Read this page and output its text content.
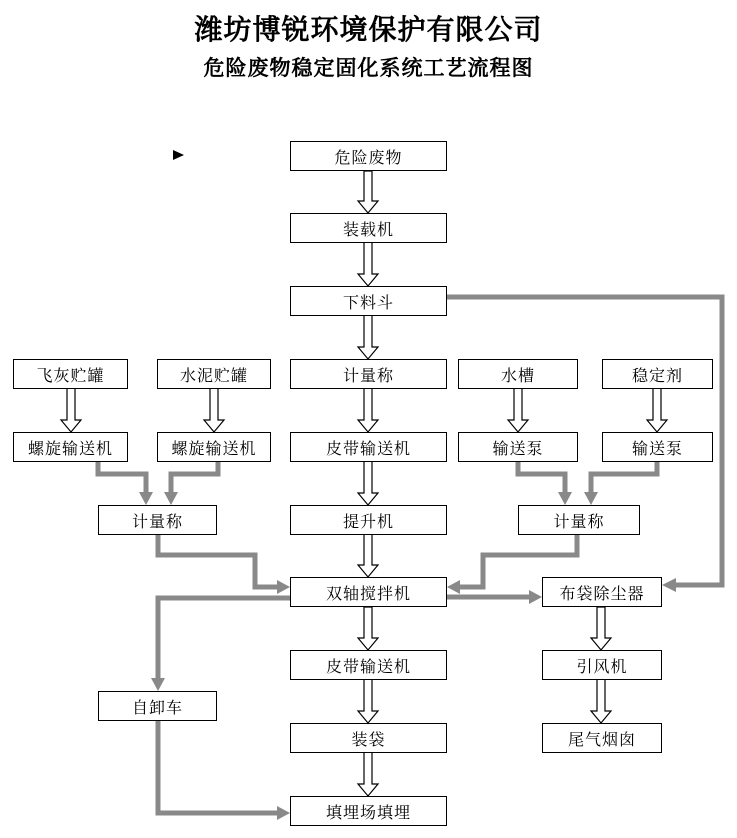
潍坊博锐环境保护有限公司
危险废物稳定固化系统工艺流程图
危险废物
装载机
下料斗
计量称
皮带输送机
提升机
双轴搅拌机
皮带输送机
装袋
填埋场填埋
飞灰贮罐
螺旋输送机
水泥贮罐
螺旋输送机
计量称
自卸车
水槽
输送泵
稳定剂
输送泵
计量称
布袋除尘器
引风机
尾气烟囱
